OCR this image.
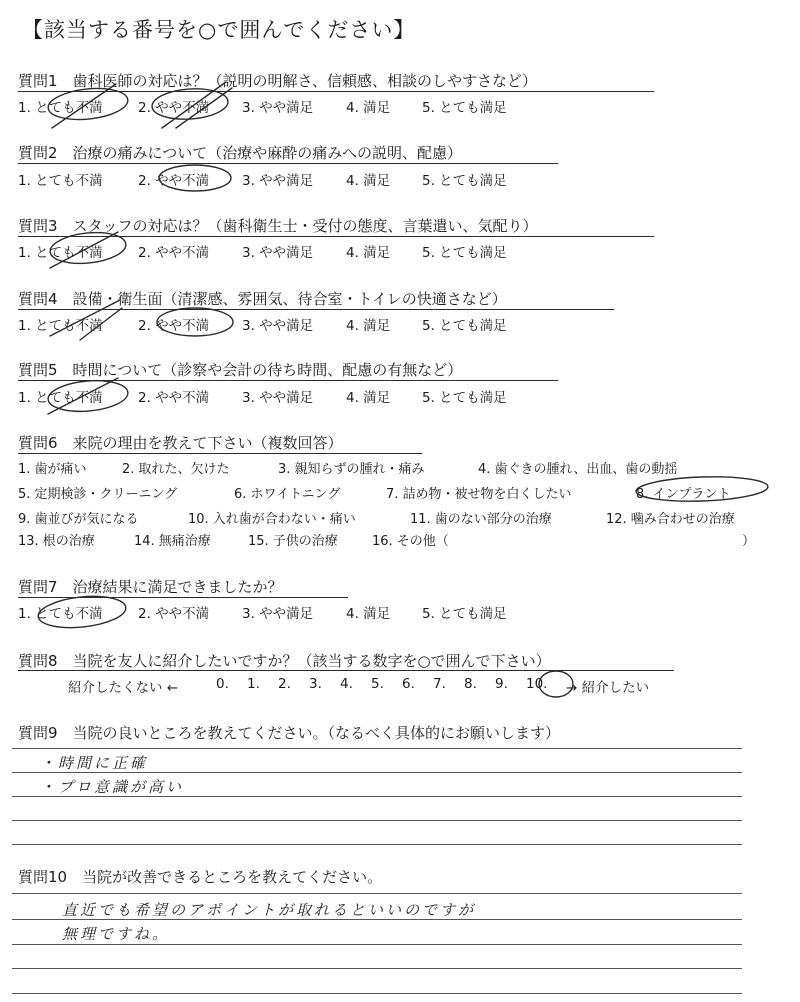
【該当する番号を○で囲んでください】
質問1　歯科医師の対応は？（説明の明解さ、信頼感、相談のしやすさなど）
1. とても不満	2. やや不満	3. やや満足	4. 満足	5. とても満足
質問2　治療の痛みについて（治療や麻酔の痛みへの説明、配慮）
1. とても不満	2. やや不満	3. やや満足	4. 満足	5. とても満足
質問3　スタッフの対応は？（歯科衛生士・受付の態度、言葉遣い、気配り）
1. とても不満	2. やや不満	3. やや満足	4. 満足	5. とても満足
質問4　設備・衛生面（清潔感、雰囲気、待合室・トイレの快適さなど）
1. とても不満	2. やや不満	3. やや満足	4. 満足	5. とても満足
質問5　時間について（診察や会計の待ち時間、配慮の有無など）
1. とても不満	2. やや不満	3. やや満足	4. 満足	5. とても満足
質問6　来院の理由を教えて下さい（複数回答）
1. 歯が痛い	2. 取れた、欠けた	3. 親知らずの腫れ・痛み	4. 歯ぐきの腫れ、出血、歯の動揺
5. 定期検診・クリーニング	6. ホワイトニング	7. 詰め物・被せ物を白くしたい	8. インプラント
9. 歯並びが気になる	10. 入れ歯が合わない・痛い	11. 歯のない部分の治療	12. 噛み合わせの治療
13. 根の治療	14. 無痛治療	15. 子供の治療	16. その他（	）
質問7　治療結果に満足できましたか？
1. とても不満	2. やや不満	3. やや満足	4. 満足	5. とても満足
質問8　当院を友人に紹介したいですか？（該当する数字を○で囲んで下さい）
紹介したくない ←	0.	1.	2.	3.	4.	5.	6.	7.	8.	9.	10.	→ 紹介したい
質問9　当院の良いところを教えてください。（なるべく具体的にお願いします）
・時間に正確
・プロ意識が高い
質問10　当院が改善できるところを教えてください。
直近でも希望のアポイントが取れるといいのですが
無理ですね。
